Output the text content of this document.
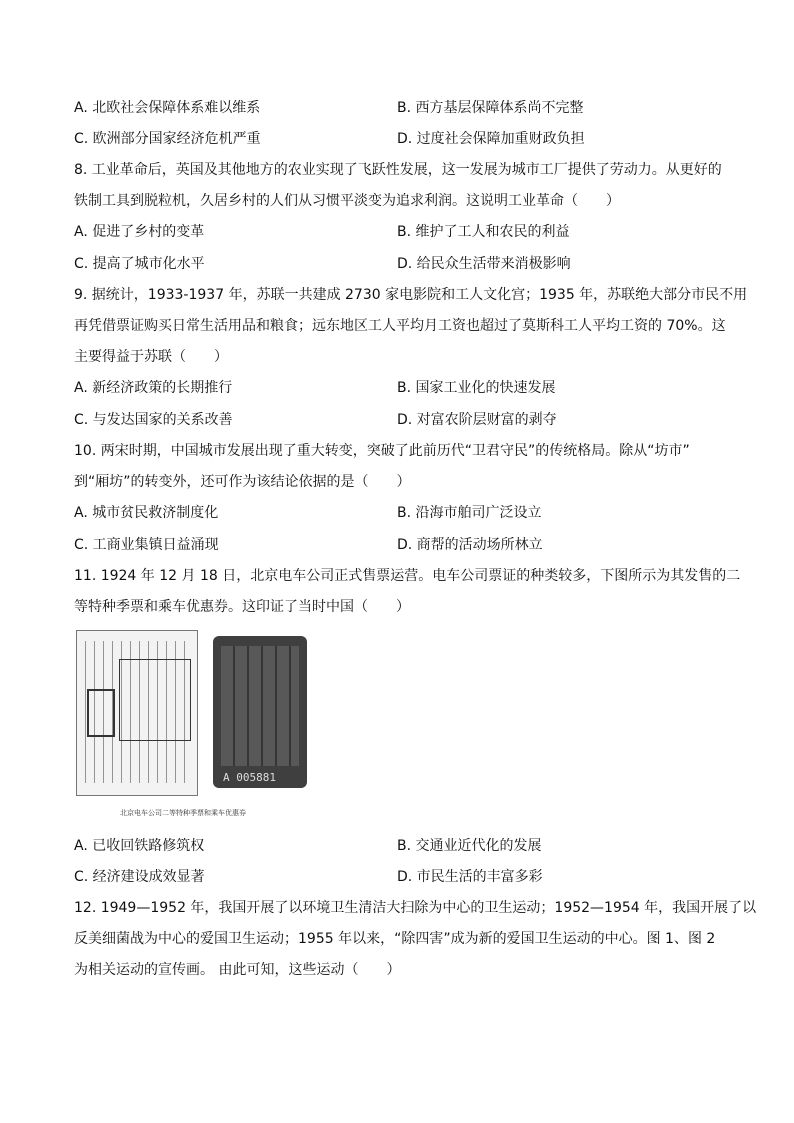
A. 北欧社会保障体系难以维系	B. 西方基层保障体系尚不完整
C. 欧洲部分国家经济危机严重	D. 过度社会保障加重财政负担
8. 工业革命后，英国及其他地方的农业实现了飞跃性发展，这一发展为城市工厂提供了劳动力。从更好的
铁制工具到脱粒机，久居乡村的人们从习惯平淡变为追求利润。这说明工业革命（　　）
A. 促进了乡村的变革	B. 维护了工人和农民的利益
C. 提高了城市化水平	D. 给民众生活带来消极影响
9. 据统计，1933-1937 年，苏联一共建成 2730 家电影院和工人文化宫；1935 年，苏联绝大部分市民不用
再凭借票证购买日常生活用品和粮食；远东地区工人平均月工资也超过了莫斯科工人平均工资的 70%。这
主要得益于苏联（　　）
A. 新经济政策的长期推行	B. 国家工业化的快速发展
C. 与发达国家的关系改善	D. 对富农阶层财富的剥夺
10. 两宋时期，中国城市发展出现了重大转变，突破了此前历代“卫君守民”的传统格局。除从“坊市”
到“厢坊”的转变外，还可作为该结论依据的是（　　）
A. 城市贫民救济制度化	B. 沿海市舶司广泛设立
C. 工商业集镇日益涌现	D. 商帮的活动场所林立
11. 1924 年 12 月 18 日，北京电车公司正式售票运营。电车公司票证的种类较多，下图所示为其发售的二
等特种季票和乘车优惠券。这印证了当时中国（　　）
A 005881
北京电车公司二等特种季票和乘车优惠券
A. 已收回铁路修筑权	B. 交通业近代化的发展
C. 经济建设成效显著	D. 市民生活的丰富多彩
12. 1949—1952 年，我国开展了以环境卫生清洁大扫除为中心的卫生运动；1952—1954 年，我国开展了以
反美细菌战为中心的爱国卫生运动；1955 年以来，“除四害”成为新的爱国卫生运动的中心。图 1、图 2
为相关运动的宣传画。 由此可知，这些运动（　　）
